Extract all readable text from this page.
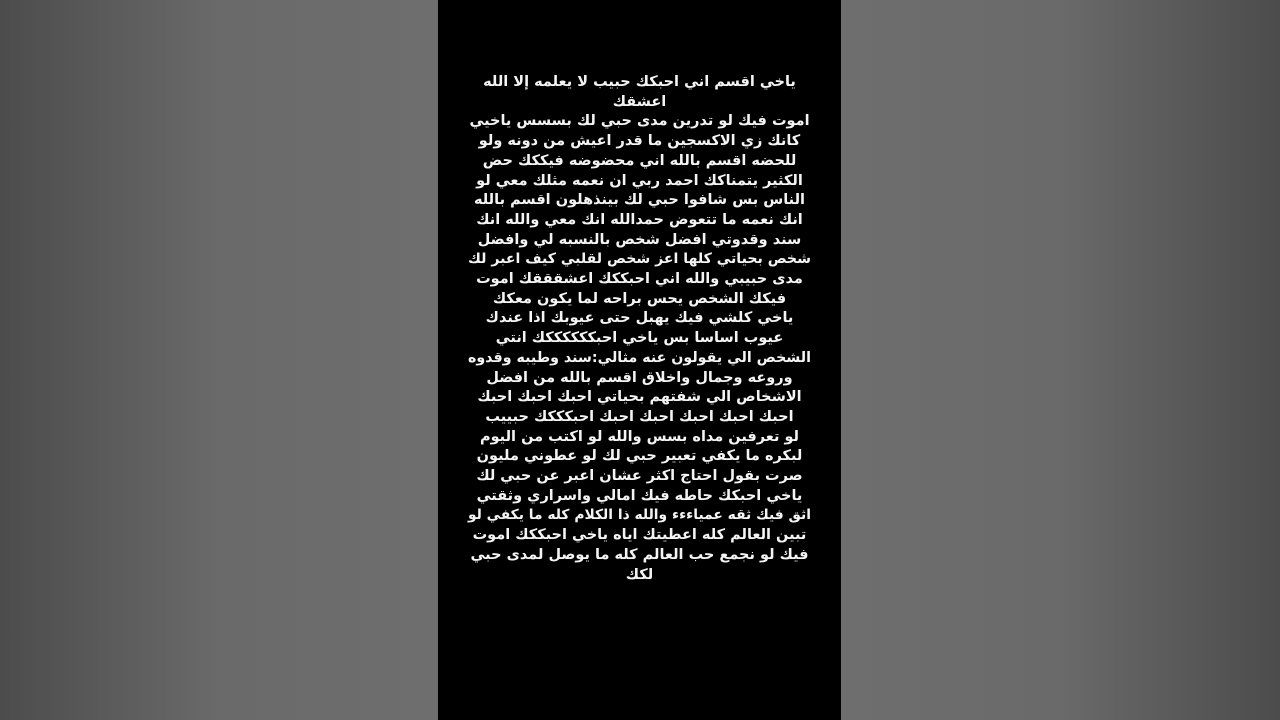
ياخي اقسم اني احبكك حبيب لا يعلمه إلا الله
اعشقك
اموت فيك لو تدرين مدى حبي لك بسسس ياخيي
كانك زي الاكسجين ما قدر اعيش من دونه ولو
للحضه اقسم بالله اني محضوضه فيككك حض
الكثير يتمناكك احمد ربي ان نعمه مثلك معي لو
الناس بس شافوا حبي لك بينذهلون اقسم بالله
انك نعمه ما تتعوض حمدالله انك معي والله انك
سند وقدوتي افضل شخص بالنسبه لي وافضل
شخص بحياتي كلها اعز شخص لقلبي كيف اعبر لك
مدى حبيبي والله اني احبككك اعشقققك اموت
فيكك الشخص يحس براحه لما يكون معكك
ياخي كلشي فيك يهبل حتى عيوبك اذا عندك
عيوب اساسا بس ياخي احبككككككك انتي
الشخص الي يقولون عنه مثالي:سند وطيبه وقدوه
وروعه وجمال واخلاق اقسم بالله من افضل
الاشخاص الي شفتهم بحياتي احبك احبك احبك
احبك احبك احبك احبك احبك احبكككك حبييب
لو تعرفين مداه بسس والله لو اكتب من اليوم
لبكره ما يكفي تعبير حبي لك لو عطوني مليون
صرت بقول احتاج اكثر عشان اعبر عن حبي لك
ياخي احبكك حاطه فيك امالي واسراري وثقتي
اثق فيك ثقه عمياءءء والله ذا الكلام كله ما يكفي لو
تبين العالم كله اعطيتك اياه ياخي احبككك اموت
فيك لو نجمع حب العالم كله ما يوصل لمدى حبي
لكك
